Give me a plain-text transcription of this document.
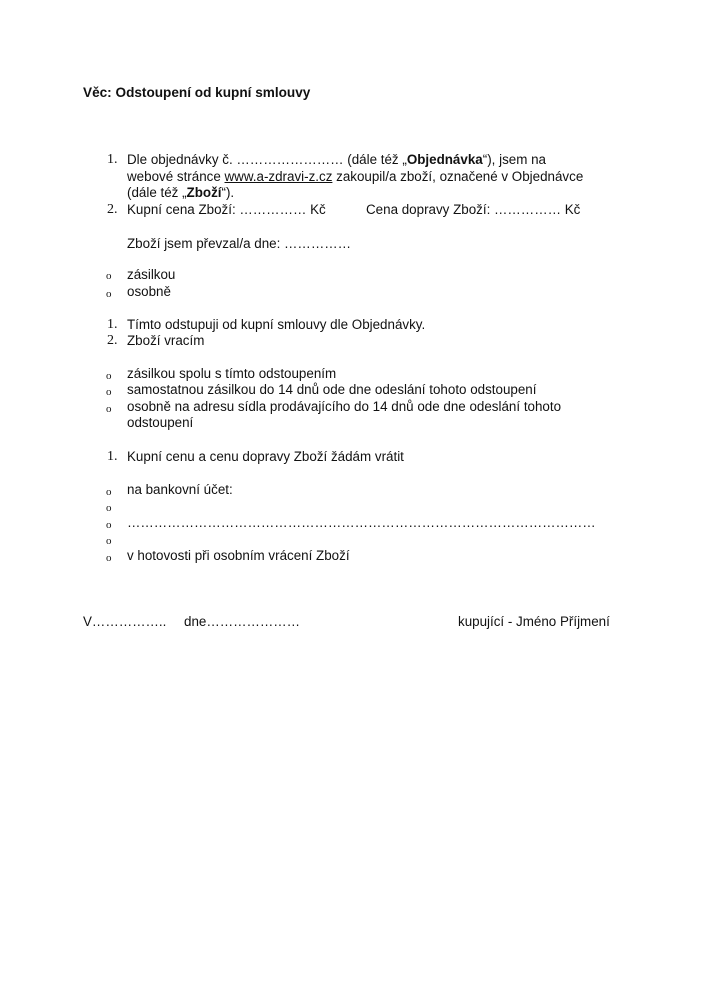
Věc: Odstoupení od kupní smlouvy
1. Dle objednávky č. …………………… (dále též „Objednávka“), jsem na
webové stránce www.a-zdravi-z.cz zakoupil/a zboží, označené v Objednávce
(dále též „Zboží“).
2. Kupní cena Zboží: …………… Kč	Cena dopravy Zboží: …………… Kč
Zboží jsem převzal/a dne: ……………
o zásilkou
o osobně
1. Tímto odstupuji od kupní smlouvy dle Objednávky.
2. Zboží vracím
o zásilkou spolu s tímto odstoupením
o samostatnou zásilkou do 14 dnů ode dne odeslání tohoto odstoupení
o osobně na adresu sídla prodávajícího do 14 dnů ode dne odeslání tohoto
odstoupení
1. Kupní cenu a cenu dopravy Zboží žádám vrátit
o na bankovní účet:
o
o ……………………………………………………………………………………………
o
o v hotovosti při osobním vrácení Zboží
V…………….. dne…………………	kupující - Jméno Příjmení
